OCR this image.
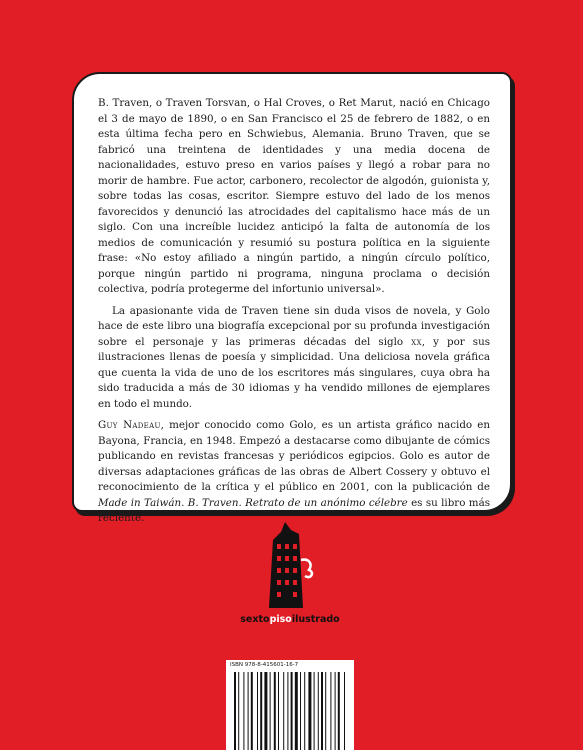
B. Traven, o Traven Torsvan, o Hal Croves, o Ret Marut, nació en Chicago el 3 de mayo de 1890, o en San Francisco el 25 de febrero de 1882, o en esta última fecha pero en Schwiebus, Alemania. Bruno Traven, que se fabricó una treintena de identidades y una media docena de nacionalidades, estuvo preso en varios países y llegó a robar para no morir de hambre. Fue actor, carbonero, recolector de algodón, guionista y, sobre todas las cosas, escritor. Siempre estuvo del lado de los menos favorecidos y denunció las atrocidades del capitalismo hace más de un siglo. Con una increíble lucidez anticipó la falta de autonomía de los medios de comunicación y resumió su postura política en la siguiente frase: «No estoy afiliado a ningún partido, a ningún círculo político, porque ningún partido ni programa, ninguna proclama o decisión colectiva, podría protegerme del infortunio universal».

La apasionante vida de Traven tiene sin duda visos de novela, y Golo hace de este libro una biografía excepcional por su profunda investigación sobre el personaje y las primeras décadas del siglo xx, y por sus ilustraciones llenas de poesía y simplicidad. Una deliciosa novela gráfica que cuenta la vida de uno de los escritores más singulares, cuya obra ha sido traducida a más de 30 idiomas y ha vendido millones de ejemplares en todo el mundo.

Guy Nadeau, mejor conocido como Golo, es un artista gráfico nacido en Bayona, Francia, en 1948. Empezó a destacarse como dibujante de cómics publicando en revistas francesas y periódicos egipcios. Golo es autor de diversas adaptaciones gráficas de las obras de Albert Cossery y obtuvo el reconocimiento de la crítica y el público en 2001, con la publicación de Made in Taiwán. B. Traven. Retrato de un anónimo célebre es su libro más reciente.

sextopisoilustrado
ISBN 978-8-415601-16-7
